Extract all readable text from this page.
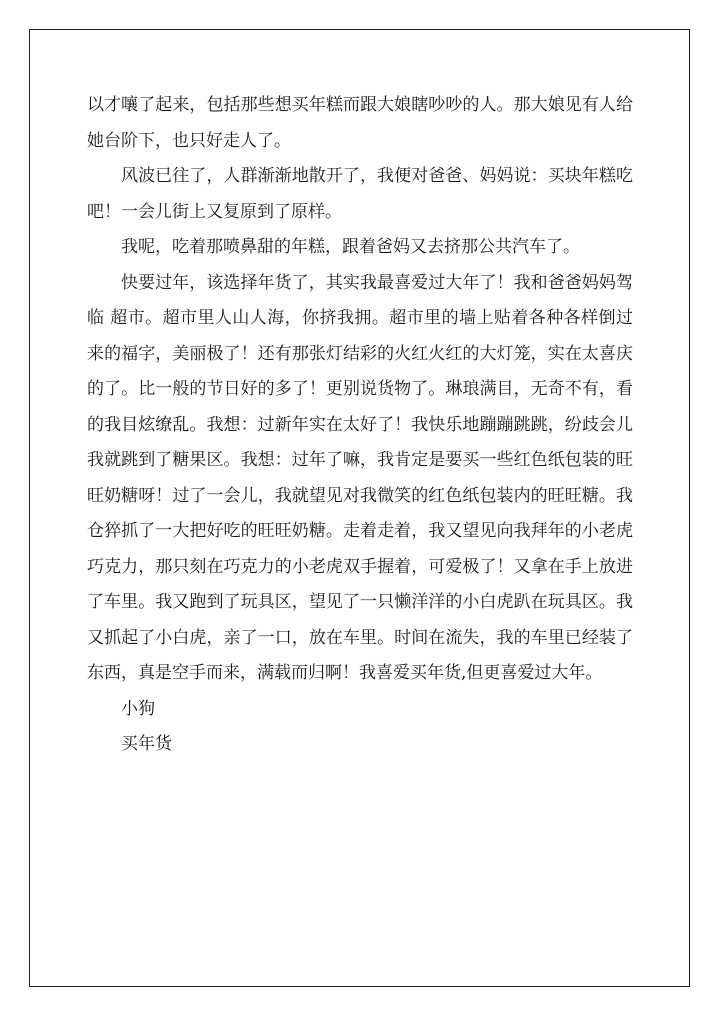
以才嚷了起来，包括那些想买年糕而跟大娘瞎吵吵的人。那大娘见有人给她台阶下，也只好走人了。

风波已往了，人群渐渐地散开了，我便对爸爸、妈妈说：买块年糕吃吧！一会儿街上又复原到了原样。

我呢，吃着那喷鼻甜的年糕，跟着爸妈又去挤那公共汽车了。

快要过年，该选择年货了，其实我最喜爱过大年了！我和爸爸妈妈驾临 超市。超市里人山人海，你挤我拥。超市里的墙上贴着各种各样倒过来的福字，美丽极了！还有那张灯结彩的火红火红的大灯笼，实在太喜庆的了。比一般的节日好的多了！更别说货物了。琳琅满目，无奇不有，看的我目炫缭乱。我想：过新年实在太好了！我快乐地蹦蹦跳跳，纷歧会儿我就跳到了糖果区。我想：过年了嘛，我肯定是要买一些红色纸包装的旺旺奶糖呀！过了一会儿，我就望见对我微笑的红色纸包装内的旺旺糖。我仓猝抓了一大把好吃的旺旺奶糖。走着走着，我又望见向我拜年的小老虎巧克力，那只刻在巧克力的小老虎双手握着，可爱极了！又拿在手上放进了车里。我又跑到了玩具区，望见了一只懒洋洋的小白虎趴在玩具区。我又抓起了小白虎，亲了一口，放在车里。时间在流失，我的车里已经装了东西，真是空手而来，满载而归啊！我喜爱买年货,但更喜爱过大年。

小狗

买年货
